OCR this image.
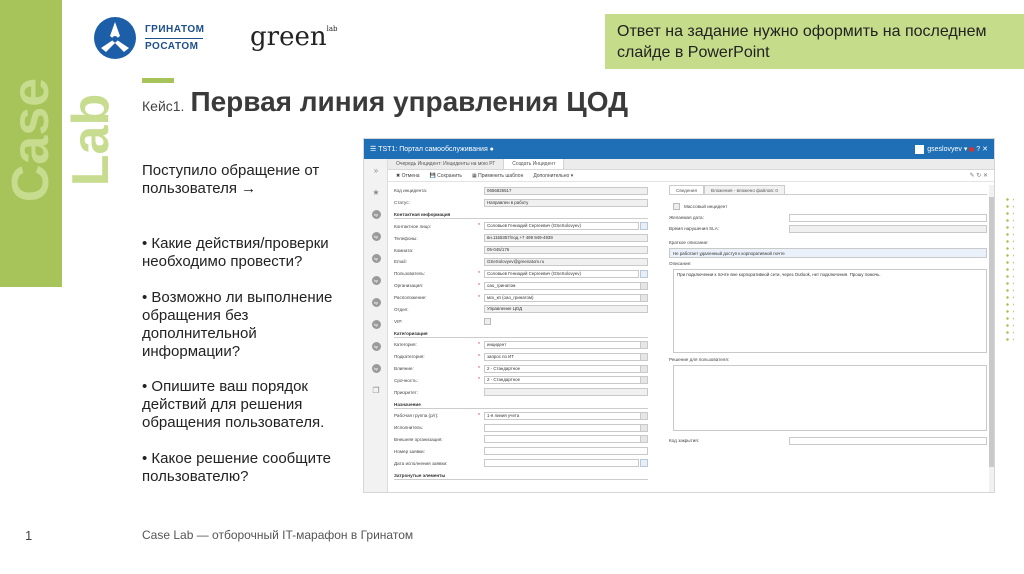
Case Lab
ГРИНАТОМ
РОСАТОМ green$^{lab}$	Ответ на задание нужно оформить на последнем слайде в PowerPoint
Кейс1. Первая линия управления ЦОД
Поступило обращение от пользователя →
• Какие действия/проверки необходимо провести?
• Возможно ли выполнение обращения без дополнительной информации?
• Опишите ваш порядок действий для решения обращения пользователя.
• Какое решение сообщите пользователю?
☰ TST1: Портал самообслуживания ●	gseslovyev ▾ ? ✕
»
★
hp
hp
hp
hp
hp
hp
hp
hp
❐
Очередь Инцидент: Инциденты на мою РГ	Создать Инцидент
✖ Отмена 💾 Сохранить ▦ Применить шаблон Дополнительно ▾	✎ ↻ ✕
Код инцидента:	0656825517
Статус:	Направлен в работу
Контактная информация
Контактное лицо:	*	Соловьев Геннадий Сергеевич (GSeSolovyev)
Телефоны:	вн.1155357/под.+7 499 949-4939
Комната:	05-045/176
Email:	GSeSolovyev@greenatom.ru
Пользователь:	*	Соловьев Геннадий Сергеевич (GSeSolovyev)
Организация:	*	оао_гринатом
Расположение:	*	мск_кп (оао_гринатом)
Отдел:	Управление ЦОД
VIP:
Категоризация
Категория:	*	инцидент
Подкатегория:	*	запрос по ИТ
Влияние:	*	2 - Стандартное
Срочность:	*	2 - Стандартное
Приоритет:
Назначение
Рабочая группа (р/г):	*	1-я линия учета
Исполнитель:
Внешняя организация:
Номер заявки:
Дата исполнения заявки:
Затронутые элементы
Сведения	Вложения - вложено файлов: 0
Массовый инцидент
Желаемая дата:
Время нарушения SLA:
Краткое описание:
Не работает удаленный доступ к корпоративной почте
Описание:
При подключении к почте вне корпоративной сети, через Outlook, нет подключения. Прошу помочь.
Решение для пользователя:
Код закрытия:
1	Case Lab — отборочный IT-марафон в Гринатом
